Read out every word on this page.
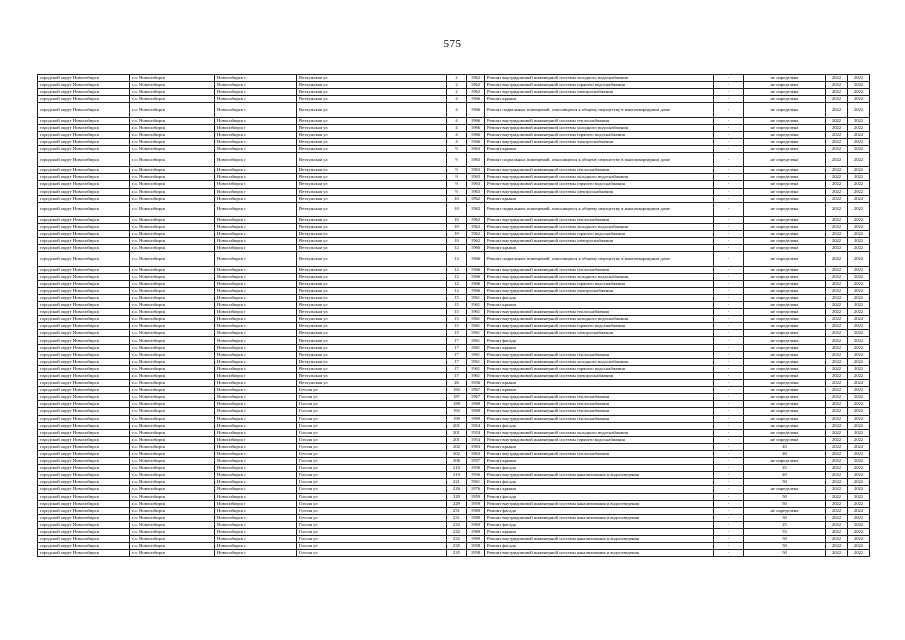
575
городской округ Новосибирск	г.о. Новосибирск	Новосибирск г	Ветлужская ул	2	1962	Ремонт внутридомовой инженерной системы холодного водоснабжения	-	не определена	2022	2022
городской округ Новосибирск	г.о. Новосибирск	Новосибирск г	Ветлужская ул	2	1962	Ремонт внутридомовой инженерной системы горячего водоснабжения	-	не определена	2022	2022
городской округ Новосибирск	г.о. Новосибирск	Новосибирск г	Ветлужская ул	2	1962	Ремонт внутридомовой инженерной системы электроснабжения	-	не определена	2022	2022
городской округ Новосибирск	г.о. Новосибирск	Новосибирск г	Ветлужская ул	4	1966	Ремонт крыши	-	не определена	2022	2022
городской округ Новосибирск	г.о. Новосибирск	Новосибирск г	Ветлужская ул	4	1966	Ремонт подвальных помещений, относящихся к общему имуществу в многоквартирном доме	-	не определена	2022	2022
городской округ Новосибирск	г.о. Новосибирск	Новосибирск г	Ветлужская ул	4	1966	Ремонт внутридомовой инженерной системы теплоснабжения	-	не определена	2022	2022
городской округ Новосибирск	г.о. Новосибирск	Новосибирск г	Ветлужская ул	4	1966	Ремонт внутридомовой инженерной системы холодного водоснабжения	-	не определена	2022	2022
городской округ Новосибирск	г.о. Новосибирск	Новосибирск г	Ветлужская ул	4	1966	Ремонт внутридомовой инженерной системы горячего водоснабжения	-	не определена	2022	2022
городской округ Новосибирск	г.о. Новосибирск	Новосибирск г	Ветлужская ул	4	1966	Ремонт внутридомовой инженерной системы электроснабжения	-	не определена	2022	2022
городской округ Новосибирск	г.о. Новосибирск	Новосибирск г	Ветлужская ул	9	1963	Ремонт крыши	-	не определена	2022	2022
городской округ Новосибирск	г.о. Новосибирск	Новосибирск г	Ветлужская ул	9	1963	Ремонт подвальных помещений, относящихся к общему имуществу в многоквартирном доме	-	не определена	2022	2022
городской округ Новосибирск	г.о. Новосибирск	Новосибирск г	Ветлужская ул	9	1963	Ремонт внутридомовой инженерной системы теплоснабжения	-	не определена	2022	2022
городской округ Новосибирск	г.о. Новосибирск	Новосибирск г	Ветлужская ул	9	1963	Ремонт внутридомовой инженерной системы холодного водоснабжения	-	не определена	2022	2022
городской округ Новосибирск	г.о. Новосибирск	Новосибирск г	Ветлужская ул	9	1963	Ремонт внутридомовой инженерной системы горячего водоснабжения	-	не определена	2022	2022
городской округ Новосибирск	г.о. Новосибирск	Новосибирск г	Ветлужская ул	9	1963	Ремонт внутридомовой инженерной системы электроснабжения	-	не определена	2022	2022
городской округ Новосибирск	г.о. Новосибирск	Новосибирск г	Ветлужская ул	10	1962	Ремонт крыши	-	не определена	2022	2022
городской округ Новосибирск	г.о. Новосибирск	Новосибирск г	Ветлужская ул	10	1962	Ремонт подвальных помещений, относящихся к общему имуществу в многоквартирном доме	-	не определена	2022	2022
городской округ Новосибирск	г.о. Новосибирск	Новосибирск г	Ветлужская ул	10	1962	Ремонт внутридомовой инженерной системы теплоснабжения	-	не определена	2022	2022
городской округ Новосибирск	г.о. Новосибирск	Новосибирск г	Ветлужская ул	10	1962	Ремонт внутридомовой инженерной системы холодного водоснабжения	-	не определена	2022	2022
городской округ Новосибирск	г.о. Новосибирск	Новосибирск г	Ветлужская ул	10	1962	Ремонт внутридомовой инженерной системы горячего водоснабжения	-	не определена	2022	2022
городской округ Новосибирск	г.о. Новосибирск	Новосибирск г	Ветлужская ул	10	1962	Ремонт внутридомовой инженерной системы электроснабжения	-	не определена	2022	2022
городской округ Новосибирск	г.о. Новосибирск	Новосибирск г	Ветлужская ул	12	1966	Ремонт крыши	-	не определена	2022	2022
городской округ Новосибирск	г.о. Новосибирск	Новосибирск г	Ветлужская ул	12	1966	Ремонт подвальных помещений, относящихся к общему имуществу в многоквартирном доме	-	не определена	2022	2022
городской округ Новосибирск	г.о. Новосибирск	Новосибирск г	Ветлужская ул	12	1966	Ремонт внутридомовой инженерной системы теплоснабжения	-	не определена	2022	2022
городской округ Новосибирск	г.о. Новосибирск	Новосибирск г	Ветлужская ул	12	1966	Ремонт внутридомовой инженерной системы холодного водоснабжения	-	не определена	2022	2022
городской округ Новосибирск	г.о. Новосибирск	Новосибирск г	Ветлужская ул	12	1966	Ремонт внутридомовой инженерной системы горячего водоснабжения	-	не определена	2022	2022
городской округ Новосибирск	г.о. Новосибирск	Новосибирск г	Ветлужская ул	12	1966	Ремонт внутридомовой инженерной системы электроснабжения	-	не определена	2022	2022
городской округ Новосибирск	г.о. Новосибирск	Новосибирск г	Ветлужская ул	15	1961	Ремонт фасада	-	не определена	2022	2022
городской округ Новосибирск	г.о. Новосибирск	Новосибирск г	Ветлужская ул	15	1961	Ремонт крыши	-	не определена	2022	2022
городской округ Новосибирск	г.о. Новосибирск	Новосибирск г	Ветлужская ул	15	1961	Ремонт внутридомовой инженерной системы теплоснабжения	-	не определена	2022	2022
городской округ Новосибирск	г.о. Новосибирск	Новосибирск г	Ветлужская ул	15	1961	Ремонт внутридомовой инженерной системы холодного водоснабжения	-	не определена	2022	2022
городской округ Новосибирск	г.о. Новосибирск	Новосибирск г	Ветлужская ул	15	1961	Ремонт внутридомовой инженерной системы горячего водоснабжения	-	не определена	2022	2022
городской округ Новосибирск	г.о. Новосибирск	Новосибирск г	Ветлужская ул	15	1961	Ремонт внутридомовой инженерной системы электроснабжения	-	не определена	2022	2022
городской округ Новосибирск	г.о. Новосибирск	Новосибирск г	Ветлужская ул	17	1961	Ремонт фасада	-	не определена	2022	2022
городской округ Новосибирск	г.о. Новосибирск	Новосибирск г	Ветлужская ул	17	1961	Ремонт крыши	-	не определена	2022	2022
городской округ Новосибирск	г.о. Новосибирск	Новосибирск г	Ветлужская ул	17	1961	Ремонт внутридомовой инженерной системы теплоснабжения	-	не определена	2022	2022
городской округ Новосибирск	г.о. Новосибирск	Новосибирск г	Ветлужская ул	17	1961	Ремонт внутридомовой инженерной системы холодного водоснабжения	-	не определена	2022	2022
городской округ Новосибирск	г.о. Новосибирск	Новосибирск г	Ветлужская ул	17	1961	Ремонт внутридомовой инженерной системы горячего водоснабжения	-	не определена	2022	2022
городской округ Новосибирск	г.о. Новосибирск	Новосибирск г	Ветлужская ул	17	1961	Ремонт внутридомовой инженерной системы электроснабжения	-	не определена	2022	2022
городской округ Новосибирск	г.о. Новосибирск	Новосибирск г	Ветлужская ул	26	1956	Ремонт крыши	-	не определена	2022	2022
городской округ Новосибирск	г.о. Новосибирск	Новосибирск г	Гоголя ул	182	1967	Ремонт крыши	-	не определена	2022	2022
городской округ Новосибирск	г.о. Новосибирск	Новосибирск г	Гоголя ул	187	1967	Ремонт внутридомовой инженерной системы теплоснабжения	-	не определена	2022	2022
городской округ Новосибирск	г.о. Новосибирск	Новосибирск г	Гоголя ул	188	1968	Ремонт внутридомовой инженерной системы теплоснабжения	-	не определена	2022	2022
городской округ Новосибирск	г.о. Новосибирск	Новосибирск г	Гоголя ул	192	1968	Ремонт внутридомовой инженерной системы теплоснабжения	-	не определена	2022	2022
городской округ Новосибирск	г.о. Новосибирск	Новосибирск г	Гоголя ул	199	1969	Ремонт внутридомовой инженерной системы теплоснабжения	-	не определена	2022	2022
городской округ Новосибирск	г.о. Новосибирск	Новосибирск г	Гоголя ул	201	1954	Ремонт фасада	-	не определена	2022	2022
городской округ Новосибирск	г.о. Новосибирск	Новосибирск г	Гоголя ул	201	1954	Ремонт внутридомовой инженерной системы холодного водоснабжения	-	не определена	2022	2022
городской округ Новосибирск	г.о. Новосибирск	Новосибирск г	Гоголя ул	201	1954	Ремонт внутридомовой инженерной системы горячего водоснабжения	-	не определена	2022	2022
городской округ Новосибирск	г.о. Новосибирск	Новосибирск г	Гоголя ул	202	1963	Ремонт крыши	-	45	2022	2022
городской округ Новосибирск	г.о. Новосибирск	Новосибирск г	Гоголя ул	202	1963	Ремонт внутридомовой инженерной системы теплоснабжения	-	40	2022	2022
городской округ Новосибирск	г.о. Новосибирск	Новосибирск г	Гоголя ул	206	1957	Ремонт крыши	-	не определена	2022	2022
городской округ Новосибирск	г.о. Новосибирск	Новосибирск г	Гоголя ул	210	1956	Ремонт фасада	-	45	2022	2022
городской округ Новосибирск	г.о. Новосибирск	Новосибирск г	Гоголя ул	219	1956	Ремонт внутридомовой инженерной системы канализования и водоотведения	-	40	2022	2022
городской округ Новосибирск	г.о. Новосибирск	Новосибирск г	Гоголя ул	221	1961	Ремонт фасада	-	50	2022	2022
городской округ Новосибирск	г.о. Новосибирск	Новосибирск г	Гоголя ул	226	1976	Ремонт крыши	-	не определена	2022	2022
городской округ Новосибирск	г.о. Новосибирск	Новосибирск г	Гоголя ул	229	1959	Ремонт фасада	-	50	2022	2022
городской округ Новосибирск	г.о. Новосибирск	Новосибирск г	Гоголя ул	229	1959	Ремонт внутридомовой инженерной системы канализования и водоотведения	-	50	2022	2022
городской округ Новосибирск	г.о. Новосибирск	Новосибирск г	Гоголя ул	231	1980	Ремонт фасада	-	не определена	2022	2022
городской округ Новосибирск	г.о. Новосибирск	Новосибирск г	Гоголя ул	231	1980	Ремонт внутридомовой инженерной системы канализования и водоотведения	-	30	2022	2022
городской округ Новосибирск	г.о. Новосибирск	Новосибирск г	Гоголя ул	232	1969	Ремонт фасада	-	25	2022	2022
городской округ Новосибирск	г.о. Новосибирск	Новосибирск г	Гоголя ул	232	1969	Ремонт крыши	-	55	2022	2022
городской округ Новосибирск	г.о. Новосибирск	Новосибирск г	Гоголя ул	232	1969	Ремонт внутридомовой инженерной системы канализования и водоотведения	-	50	2022	2022
городской округ Новосибирск	г.о. Новосибирск	Новосибирск г	Гоголя ул	235	1958	Ремонт фасада	-	50	2022	2022
городской округ Новосибирск	г.о. Новосибирск	Новосибирск г	Гоголя ул	235	1958	Ремонт внутридомовой инженерной системы канализования и водоотведения	-	50	2022	2022
